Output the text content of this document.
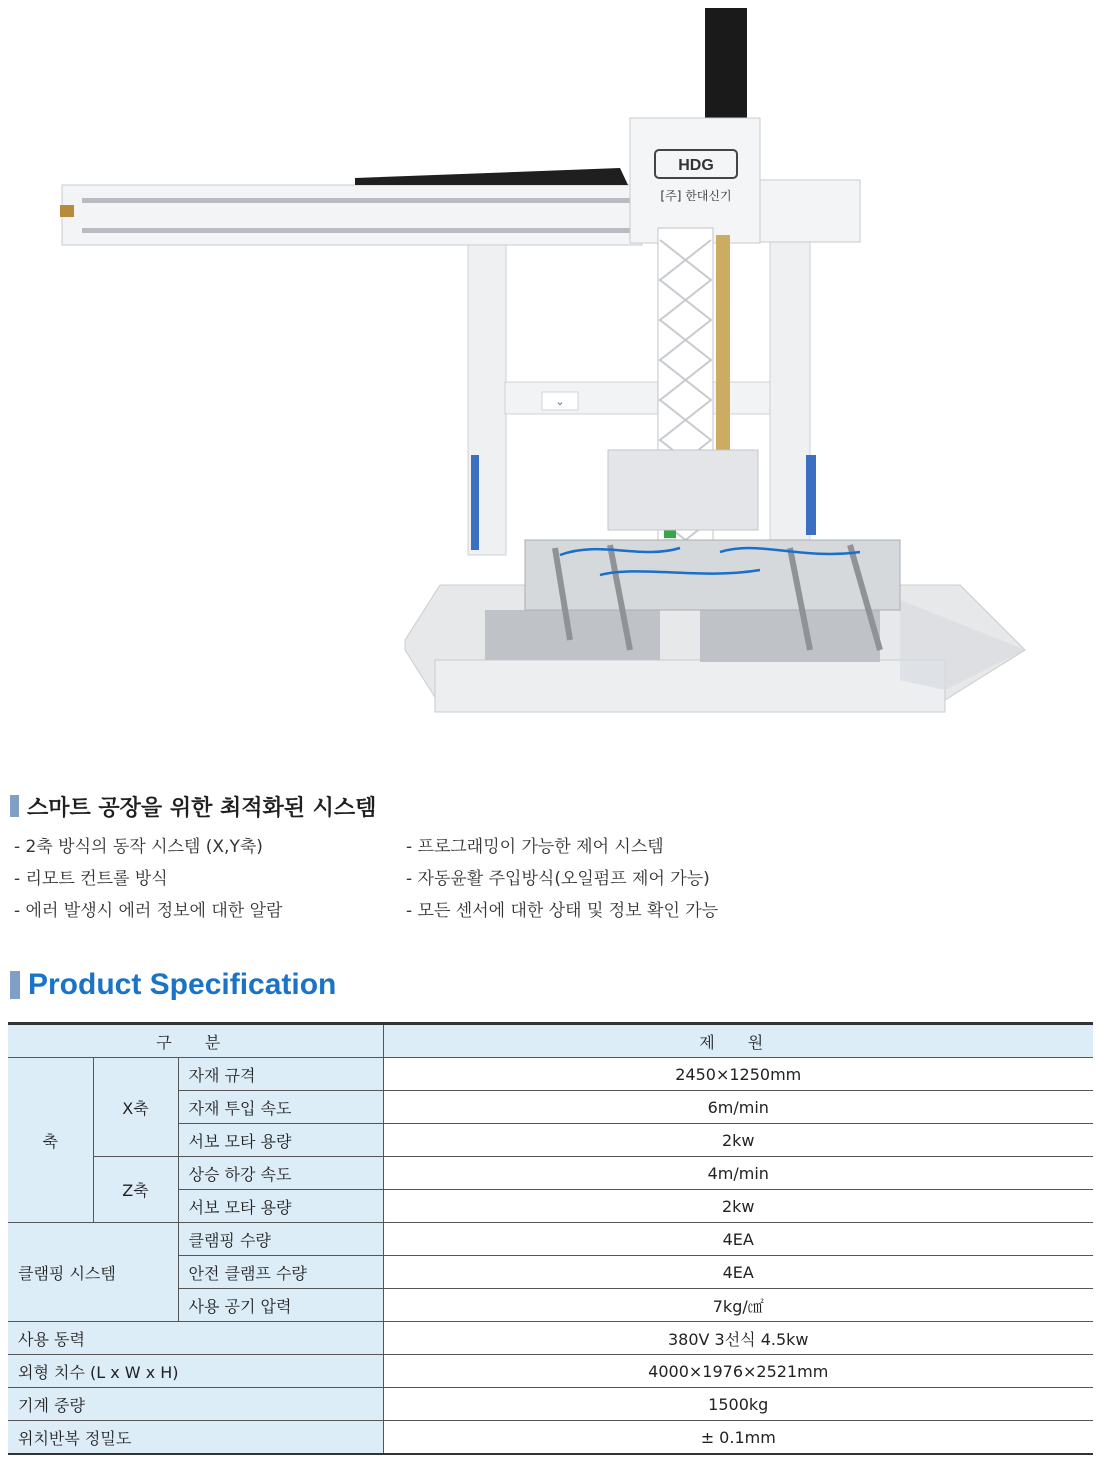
⌄
HDG
[주] 한대신기
스마트 공장을 위한 최적화된 시스템
- 2축 방식의 동작 시스템 (X,Y축)
- 리모트 컨트롤 방식
- 에러 발생시 에러 정보에 대한 알람
- 프로그래밍이 가능한 제어 시스템
- 자동윤활 주입방식(오일펌프 제어 가능)
- 모든 센서에 대한 상태 및 정보 확인 가능
Product Specification
구 분			제 원
축	X축	자재 규격	2450×1250mm
		자재 투입 속도	6m/min
		서보 모타 용량	2kw
	Z축	상승 하강 속도	4m/min
		서보 모타 용량	2kw
클램핑 시스템		클램핑 수량	4EA
		안전 클램프 수량	4EA
		사용 공기 압력	7kg/㎠
사용 동력			380V 3선식 4.5kw
외형 치수 (L x W x H)			4000×1976×2521mm
기계 중량			1500kg
위치반복 정밀도			± 0.1mm
